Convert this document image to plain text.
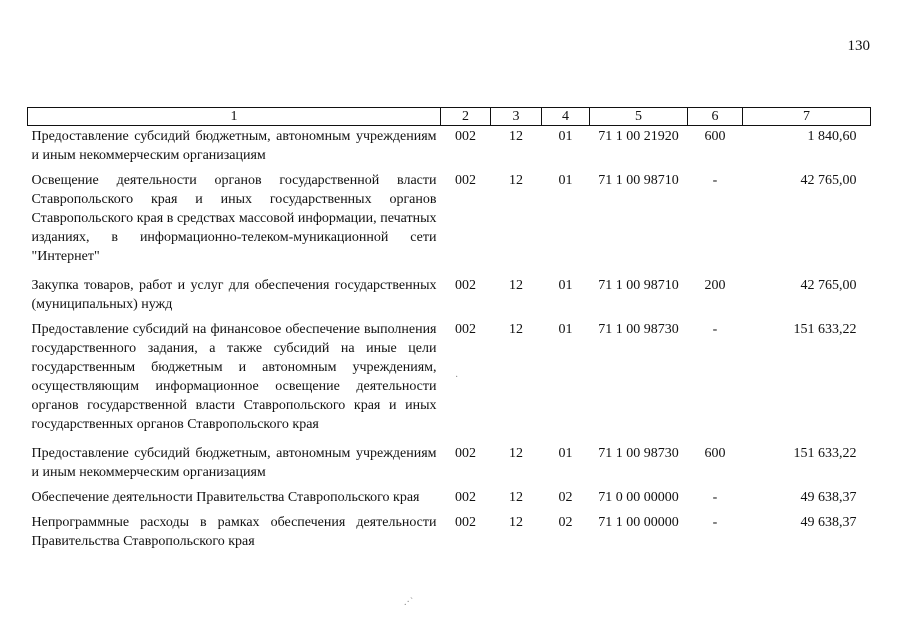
130
1	2	3	4	5	6	7
Предоставление субсидий бюджетным, автономным учреждениям и иным некоммерческим организациям	002	12	01	71 1 00 21920	600	1 840,60
Освещение деятельности органов государственной власти Ставропольского края и иных государственных органов Ставропольского края в средствах массовой информации, печатных изданиях, в информационно-телеком-муникационной сети "Интернет"	002	12	01	71 1 00 98710	-	42 765,00
Закупка товаров, работ и услуг для обеспечения государственных (муниципальных) нужд	002	12	01	71 1 00 98710	200	42 765,00
Предоставление субсидий на финансовое обеспечение выполнения государственного задания, а также субсидий на иные цели государственным бюджетным и автономным учреждениям, осуществляющим информационное освещение деятельности органов государственной власти Ставропольского края и иных государственных органов Ставропольского края	002	12	01	71 1 00 98730	-	151 633,22
Предоставление субсидий бюджетным, автономным учреждениям и иным некоммерческим организациям	002	12	01	71 1 00 98730	600	151 633,22
Обеспечение деятельности Правительства Ставропольского края	002	12	02	71 0 00 00000	-	49 638,37
Непрограммные расходы в рамках обеспечения деятельности Правительства Ставропольского края	002	12	02	71 1 00 00000	-	49 638,37
·
.·`
